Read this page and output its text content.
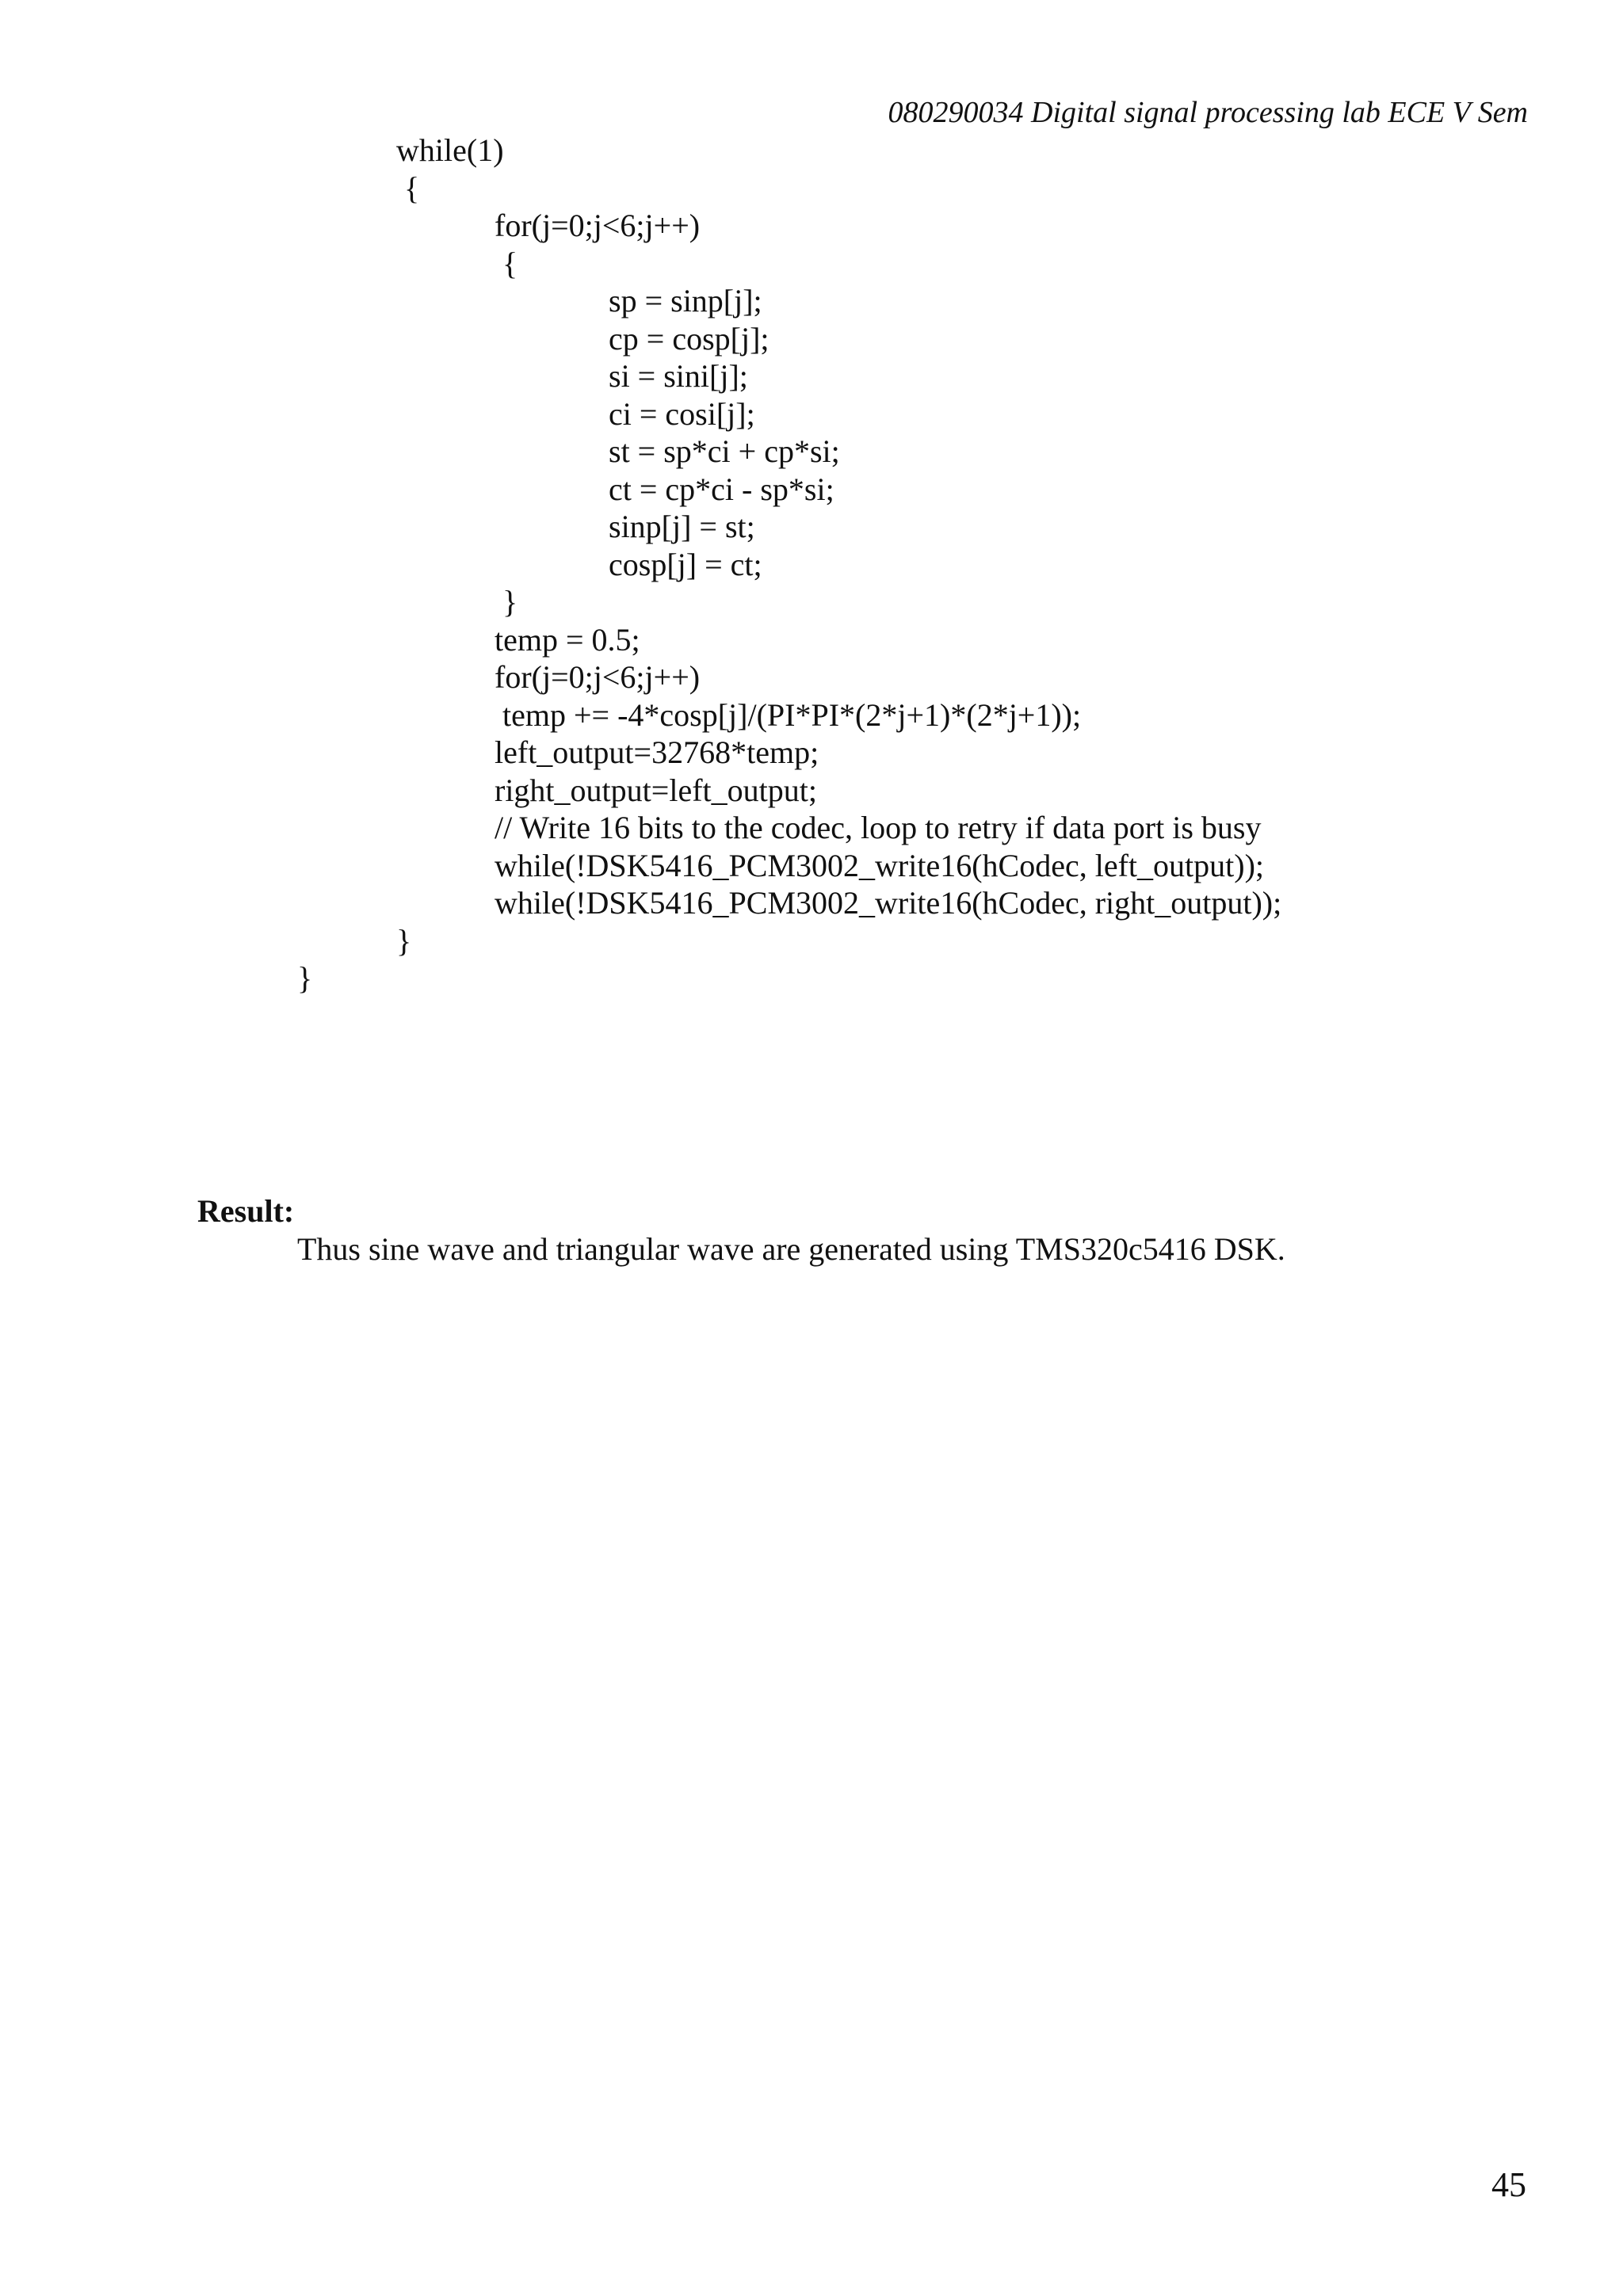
080290034 Digital signal processing lab ECE V Sem
while(1)
{
for(j=0;j<6;j++)
{
sp = sinp[j];
cp = cosp[j];
si = sini[j];
ci = cosi[j];
st = sp*ci + cp*si;
ct = cp*ci - sp*si;
sinp[j] = st;
cosp[j] = ct;
}
temp = 0.5;
for(j=0;j<6;j++)
temp += -4*cosp[j]/(PI*PI*(2*j+1)*(2*j+1));
left_output=32768*temp;
right_output=left_output;
// Write 16 bits to the codec, loop to retry if data port is busy
while(!DSK5416_PCM3002_write16(hCodec, left_output));
while(!DSK5416_PCM3002_write16(hCodec, right_output));
}
}
Result:
Thus sine wave and triangular wave are generated using TMS320c5416 DSK.
45
